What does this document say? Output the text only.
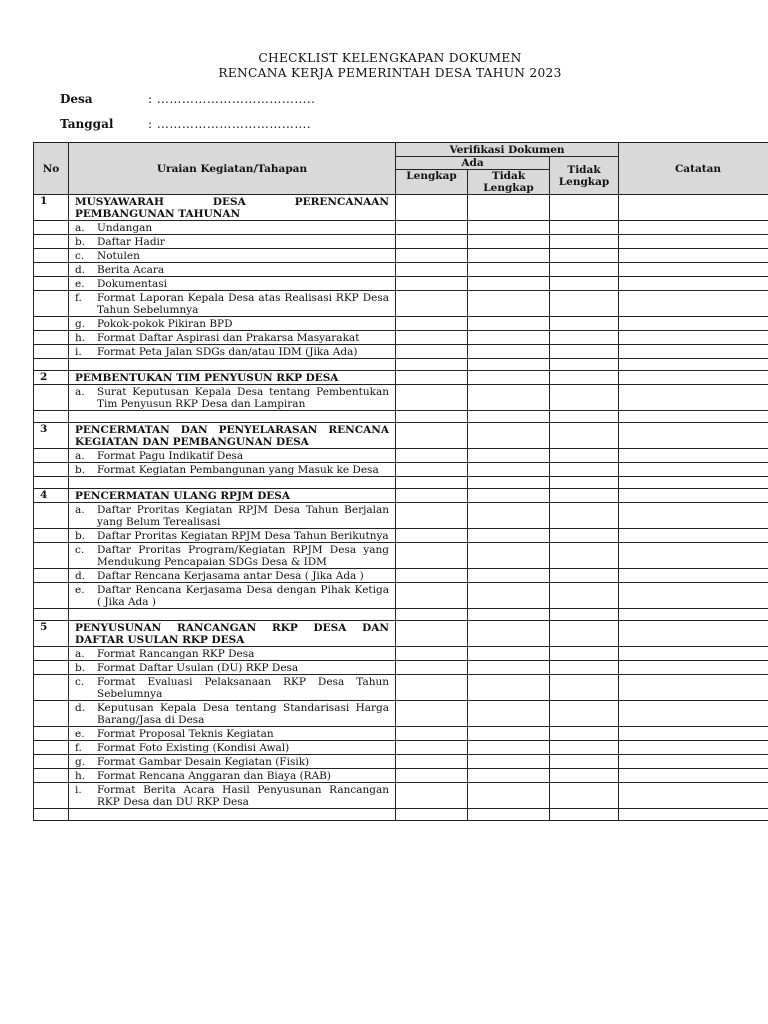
CHECKLIST KELENGKAPAN DOKUMEN
RENCANA KERJA PEMERINTAH DESA TAHUN 2023
Desa	: ………………………………..
Tanggal	: ……………………………….
No	Uraian Kegiatan/Tahapan	Verifikasi Dokumen			Catatan
		Ada		Tidak Lengkap	
		Lengkap	Tidak Lengkap		
1	MUSYAWARAH DESA PERENCANAAN PEMBANGUNAN TAHUNAN				
	a. Undangan				
	b. Daftar Hadir				
	c. Notulen				
	d. Berita Acara				
	e. Dokumentasi				
	f. Format Laporan Kepala Desa atas Realisasi RKP Desa Tahun Sebelumnya				
	g. Pokok-pokok Pikiran BPD				
	h. Format Daftar Aspirasi dan Prakarsa Masyarakat				
	i. Format Peta Jalan SDGs dan/atau IDM (Jika Ada)				

2	PEMBENTUKAN TIM PENYUSUN RKP DESA				
	a. Surat Keputusan Kepala Desa tentang Pembentukan Tim Penyusun RKP Desa dan Lampiran				

3	PENCERMATAN DAN PENYELARASAN RENCANA KEGIATAN DAN PEMBANGUNAN DESA				
	a. Format Pagu Indikatif Desa				
	b. Format Kegiatan Pembangunan yang Masuk ke Desa				

4	PENCERMATAN ULANG RPJM DESA				
	a. Daftar Proritas Kegiatan RPJM Desa Tahun Berjalan yang Belum Terealisasi				
	b. Daftar Proritas Kegiatan RPJM Desa Tahun Berikutnya				
	c. Daftar Proritas Program/Kegiatan RPJM Desa yang Mendukung Pencapaian SDGs Desa & IDM				
	d. Daftar Rencana Kerjasama antar Desa ( Jika Ada )				
	e. Daftar Rencana Kerjasama Desa dengan Pihak Ketiga ( Jika Ada )				

5	PENYUSUNAN RANCANGAN RKP DESA DAN DAFTAR USULAN RKP DESA				
	a. Format Rancangan RKP Desa				
	b. Format Daftar Usulan (DU) RKP Desa				
	c. Format Evaluasi Pelaksanaan RKP Desa Tahun Sebelumnya				
	d. Keputusan Kepala Desa tentang Standarisasi Harga Barang/Jasa di Desa				
	e. Format Proposal Teknis Kegiatan				
	f. Format Foto Existing (Kondisi Awal)				
	g. Format Gambar Desain Kegiatan (Fisik)				
	h. Format Rencana Anggaran dan Biaya (RAB)				
	i. Format Berita Acara Hasil Penyusunan Rancangan RKP Desa dan DU RKP Desa				
